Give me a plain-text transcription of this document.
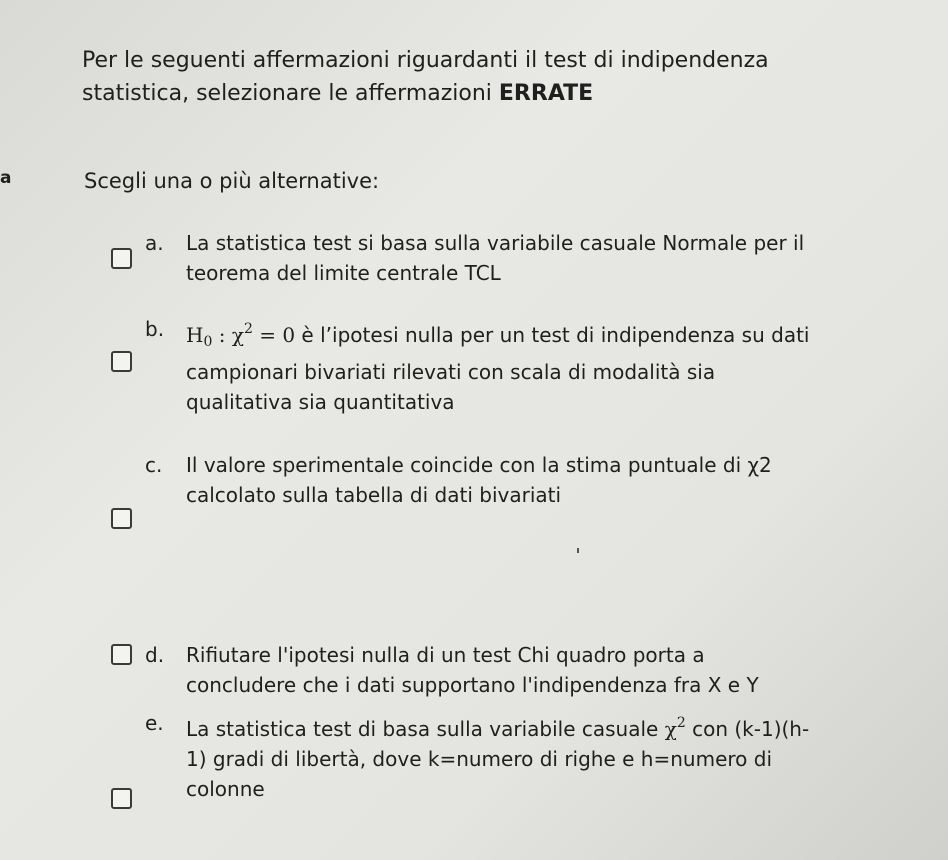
Per le seguenti affermazioni riguardanti il test di indipendenza
statistica, selezionare le affermazioni ERRATE
a	Scegli una o più alternative:
a. La statistica test si basa sulla variabile casuale Normale per il
teorema del limite centrale TCL
b. $H_0$ : $\chi^2 = 0$ è l’ipotesi nulla per un test di indipendenza su dati
campionari bivariati rilevati con scala di modalità sia
qualitativa sia quantitativa
c. Il valore sperimentale coincide con la stima puntuale di χ2
calcolato sulla tabella di dati bivariati
d. Rifiutare l'ipotesi nulla di un test Chi quadro porta a
concludere che i dati supportano l'indipendenza fra X e Y
e. La statistica test di basa sulla variabile casuale $\chi^2$ con (k-1)(h-
1) gradi di libertà, dove k=numero di righe e h=numero di
colonne
